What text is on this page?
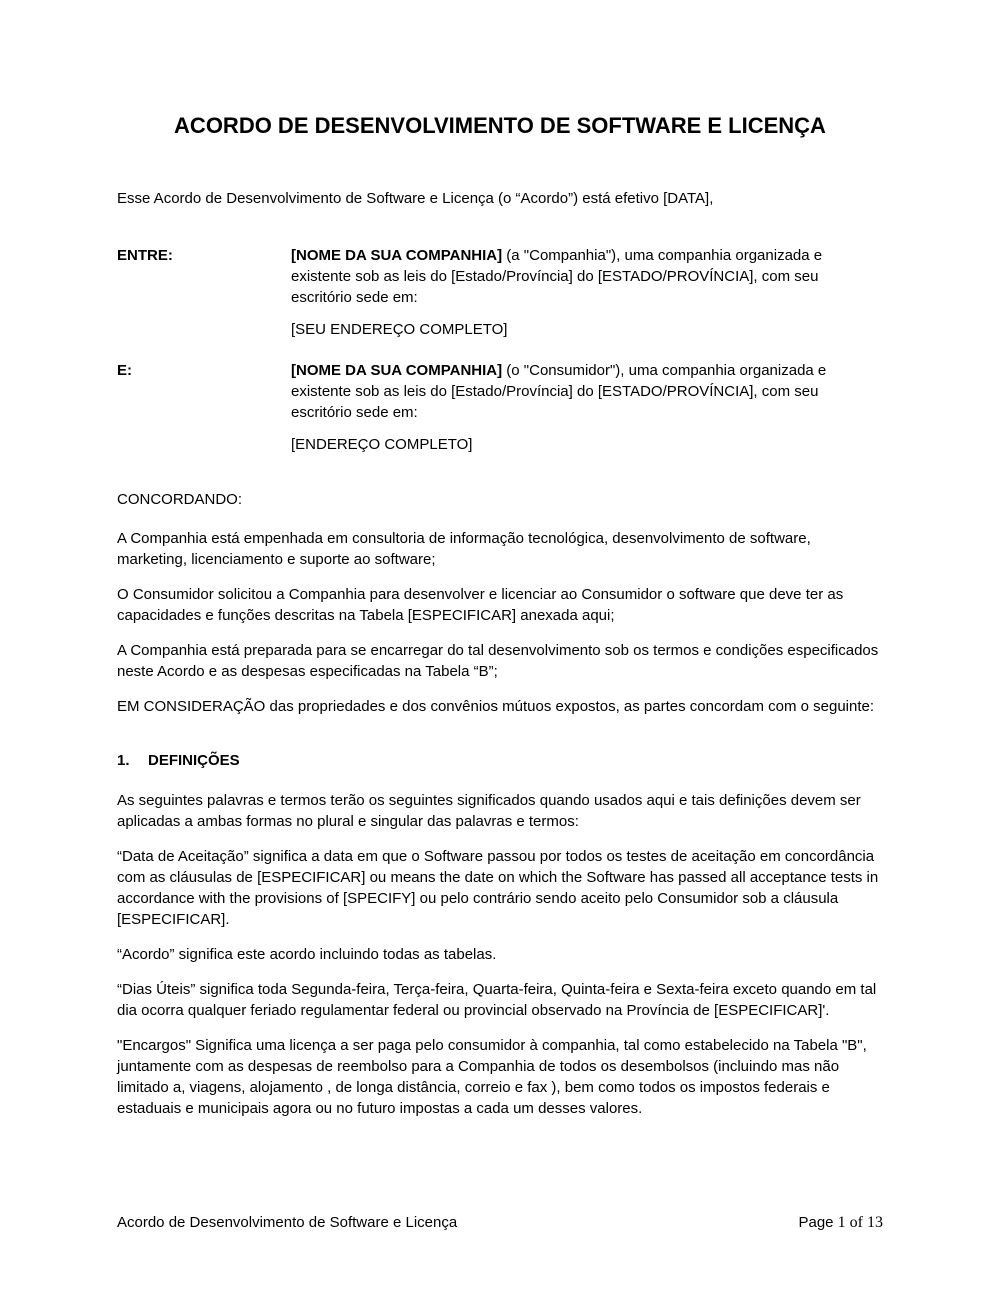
ACORDO DE DESENVOLVIMENTO DE SOFTWARE E LICENÇA

Esse Acordo de Desenvolvimento de Software e Licença (o “Acordo”) está efetivo [DATA],

ENTRE:	[NOME DA SUA COMPANHIA] (a "Companhia"), uma companhia organizada e existente sob as leis do [Estado/Província] do [ESTADO/PROVÍNCIA], com seu escritório sede em:

[SEU ENDEREÇO COMPLETO]

E:	[NOME DA SUA COMPANHIA] (o "Consumidor"), uma companhia organizada e existente sob as leis do [Estado/Província] do [ESTADO/PROVÍNCIA], com seu escritório sede em:

[ENDEREÇO COMPLETO]

CONCORDANDO:

A Companhia está empenhada em consultoria de informação tecnológica, desenvolvimento de software, marketing, licenciamento e suporte ao software;

O Consumidor solicitou a Companhia para desenvolver e licenciar ao Consumidor o software que deve ter as capacidades e funções descritas na Tabela [ESPECIFICAR] anexada aqui;

A Companhia está preparada para se encarregar do tal desenvolvimento sob os termos e condições especificados neste Acordo e as despesas especificadas na Tabela “B”;

EM CONSIDERAÇÃO das propriedades e dos convênios mútuos expostos, as partes concordam com o seguinte:

1. DEFINIÇÕES

As seguintes palavras e termos terão os seguintes significados quando usados aqui e tais definições devem ser aplicadas a ambas formas no plural e singular das palavras e termos:

“Data de Aceitação” significa a data em que o Software passou por todos os testes de aceitação em concordância com as cláusulas de [ESPECIFICAR] ou means the date on which the Software has passed all acceptance tests in accordance with the provisions of [SPECIFY] ou pelo contrário sendo aceito pelo Consumidor sob a cláusula [ESPECIFICAR].

“Acordo” significa este acordo incluindo todas as tabelas.

“Dias Úteis” significa toda Segunda-feira, Terça-feira, Quarta-feira, Quinta-feira e Sexta-feira exceto quando em tal dia ocorra qualquer feriado regulamentar federal ou provincial observado na Província de [ESPECIFICAR]'.

"Encargos" Significa uma licença a ser paga pelo consumidor à companhia, tal como estabelecido na Tabela "B", juntamente com as despesas de reembolso para a Companhia de todos os desembolsos (incluindo mas não limitado a, viagens, alojamento , de longa distância, correio e fax ), bem como todos os impostos federais e estaduais e municipais agora ou no futuro impostas a cada um desses valores.

Acordo de Desenvolvimento de Software e Licença	Page 1 of 13
